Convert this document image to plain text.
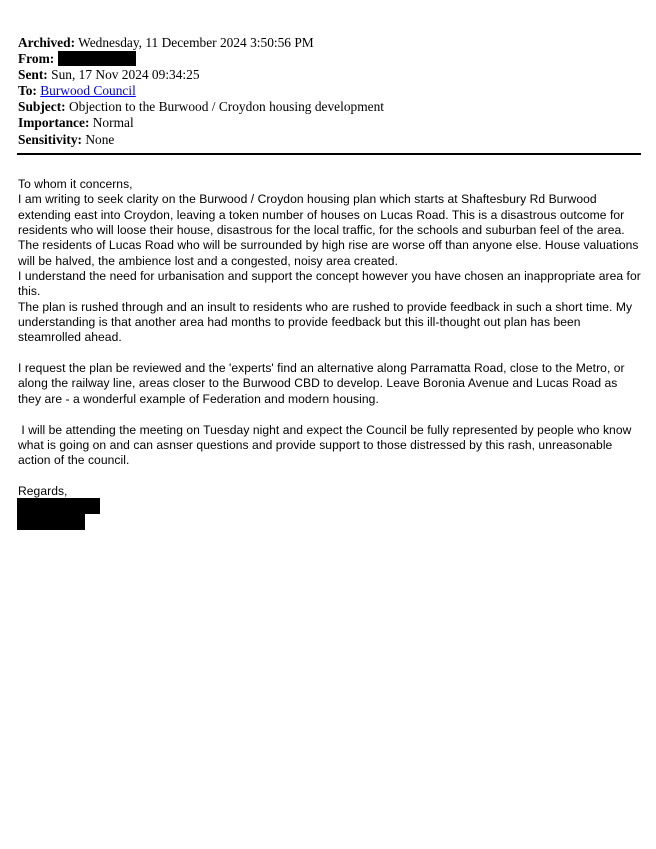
Archived: Wednesday, 11 December 2024 3:50:56 PM
From:
Sent: Sun, 17 Nov 2024 09:34:25
To: Burwood Council
Subject: Objection to the Burwood / Croydon housing development
Importance: Normal
Sensitivity: None

To whom it concerns,

I am writing to seek clarity on the Burwood / Croydon housing plan which starts at Shaftesbury Rd Burwood extending east into Croydon, leaving a token number of houses on Lucas Road. This is a disastrous outcome for residents who will loose their house, disastrous for the local traffic, for the schools and suburban feel of the area.

The residents of Lucas Road who will be surrounded by high rise are worse off than anyone else. House valuations will be halved, the ambience lost and a congested, noisy area created.

I understand the need for urbanisation and support the concept however you have chosen an inappropriate area for this.

The plan is rushed through and an insult to residents who are rushed to provide feedback in such a short time. My understanding is that another area had months to provide feedback but this ill-thought out plan has been steamrolled ahead.

I request the plan be reviewed and the 'experts' find an alternative along Parramatta Road, close to the Metro, or along the railway line, areas closer to the Burwood CBD to develop. Leave Boronia Avenue and Lucas Road as they are - a wonderful example of Federation and modern housing.

I will be attending the meeting on Tuesday night and expect the Council be fully represented by people who know what is going on and can asnser questions and provide support to those distressed by this rash, unreasonable action of the council.

Regards,
